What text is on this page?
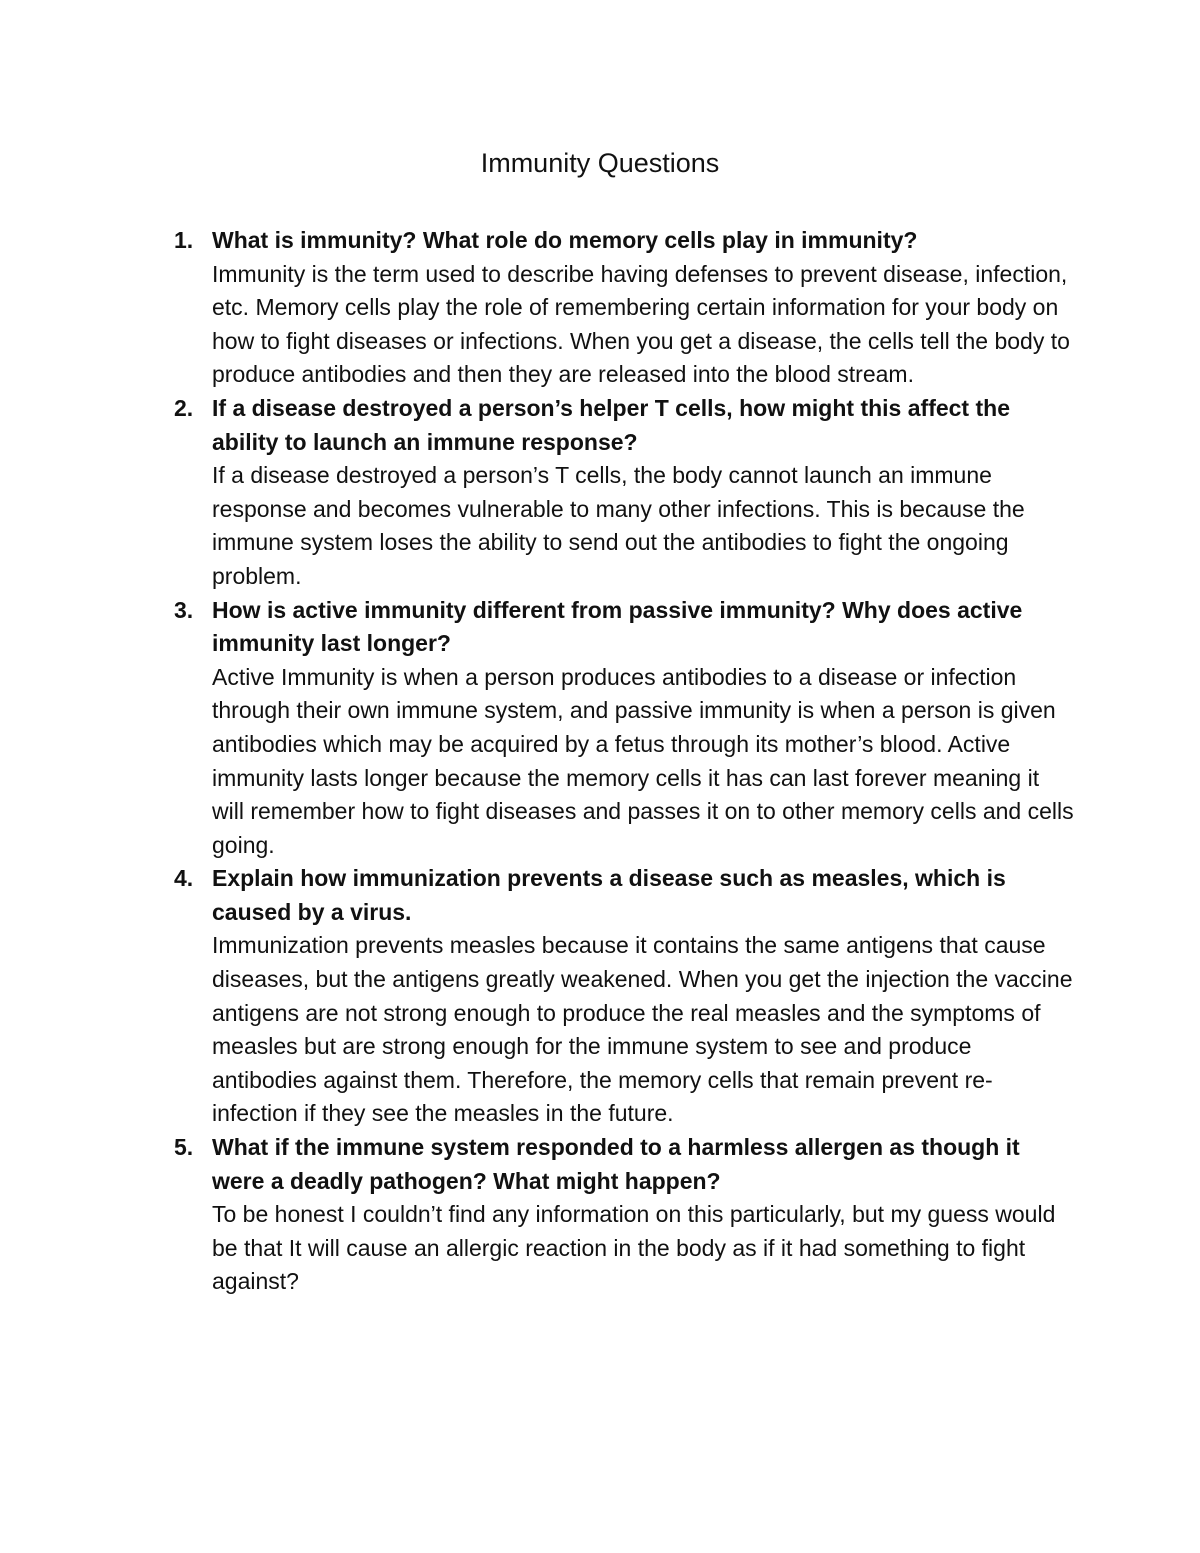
Immunity Questions
1. What is immunity? What role do memory cells play in immunity?
Immunity is the term used to describe having defenses to prevent disease, infection, etc. Memory cells play the role of remembering certain information for your body on how to fight diseases or infections. When you get a disease, the cells tell the body to produce antibodies and then they are released into the blood stream.
2. If a disease destroyed a person’s helper T cells, how might this affect the ability to launch an immune response?
If a disease destroyed a person’s T cells, the body cannot launch an immune response and becomes vulnerable to many other infections. This is because the immune system loses the ability to send out the antibodies to fight the ongoing problem.
3. How is active immunity different from passive immunity? Why does active immunity last longer?
Active Immunity is when a person produces antibodies to a disease or infection through their own immune system, and passive immunity is when a person is given antibodies which may be acquired by a fetus through its mother’s blood. Active immunity lasts longer because the memory cells it has can last forever meaning it will remember how to fight diseases and passes it on to other memory cells and cells going.
4. Explain how immunization prevents a disease such as measles, which is caused by a virus.
Immunization prevents measles because it contains the same antigens that cause diseases, but the antigens greatly weakened. When you get the injection the vaccine antigens are not strong enough to produce the real measles and the symptoms of measles but are strong enough for the immune system to see and produce antibodies against them. Therefore, the memory cells that remain prevent re-infection if they see the measles in the future.
5. What if the immune system responded to a harmless allergen as though it were a deadly pathogen? What might happen?
To be honest I couldn’t find any information on this particularly, but my guess would be that It will cause an allergic reaction in the body as if it had something to fight against?
